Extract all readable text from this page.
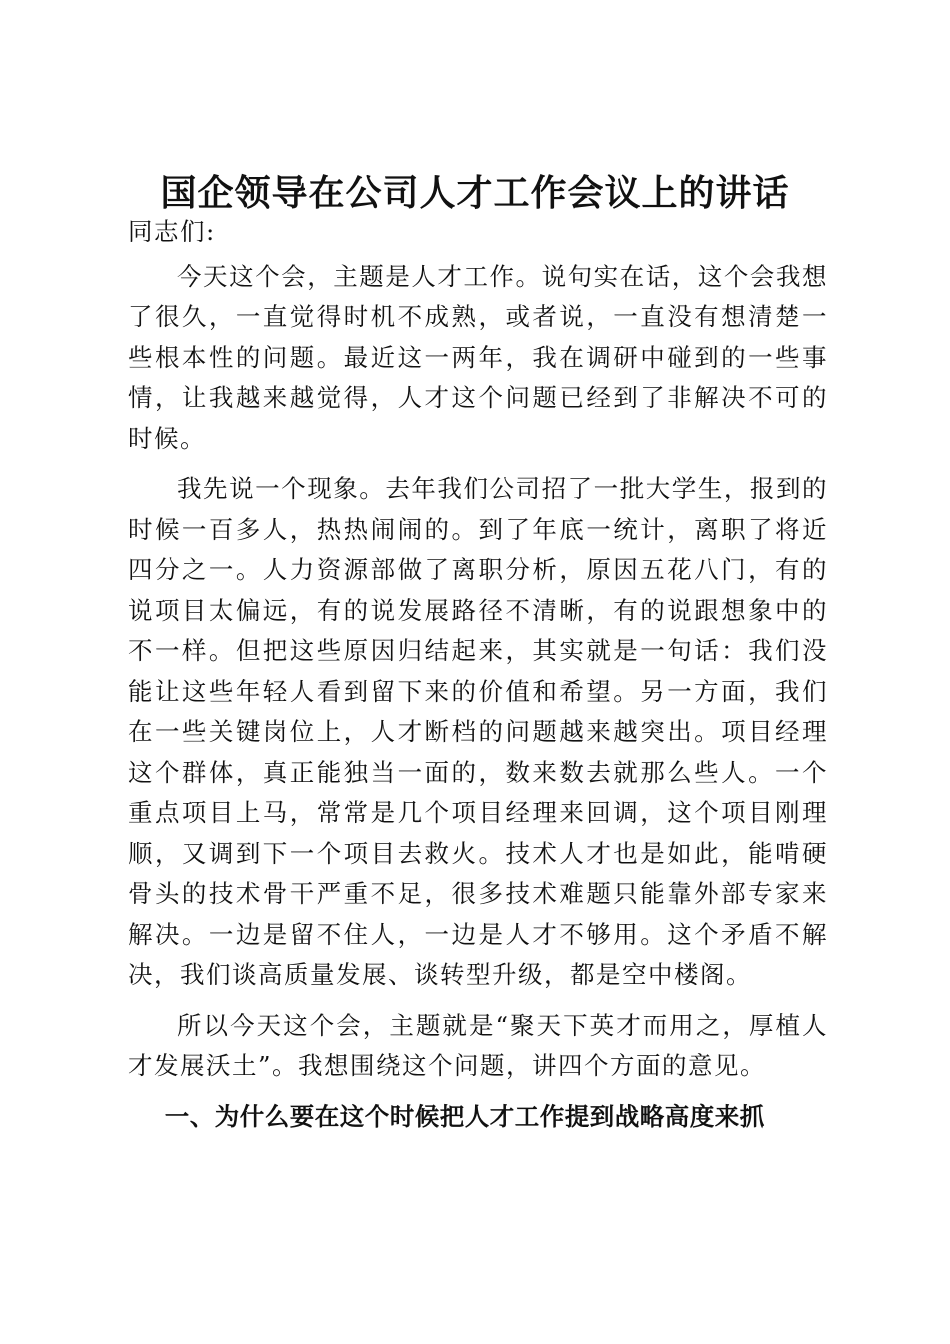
国企领导在公司人才工作会议上的讲话

同志们:

今天这个会，主题是人才工作。说句实在话，这个会我想了很久，一直觉得时机不成熟，或者说，一直没有想清楚一些根本性的问题。最近这一两年，我在调研中碰到的一些事情，让我越来越觉得，人才这个问题已经到了非解决不可的时候。

我先说一个现象。去年我们公司招了一批大学生，报到的时候一百多人，热热闹闹的。到了年底一统计，离职了将近四分之一。人力资源部做了离职分析，原因五花八门，有的说项目太偏远，有的说发展路径不清晰，有的说跟想象中的不一样。但把这些原因归结起来，其实就是一句话：我们没能让这些年轻人看到留下来的价值和希望。另一方面，我们在一些关键岗位上，人才断档的问题越来越突出。项目经理这个群体，真正能独当一面的，数来数去就那么些人。一个重点项目上马，常常是几个项目经理来回调，这个项目刚理顺，又调到下一个项目去救火。技术人才也是如此，能啃硬骨头的技术骨干严重不足，很多技术难题只能靠外部专家来解决。一边是留不住人，一边是人才不够用。这个矛盾不解决，我们谈高质量发展、谈转型升级，都是空中楼阁。

所以今天这个会，主题就是“聚天下英才而用之，厚植人才发展沃土”。我想围绕这个问题，讲四个方面的意见。

一、为什么要在这个时候把人才工作提到战略高度来抓
